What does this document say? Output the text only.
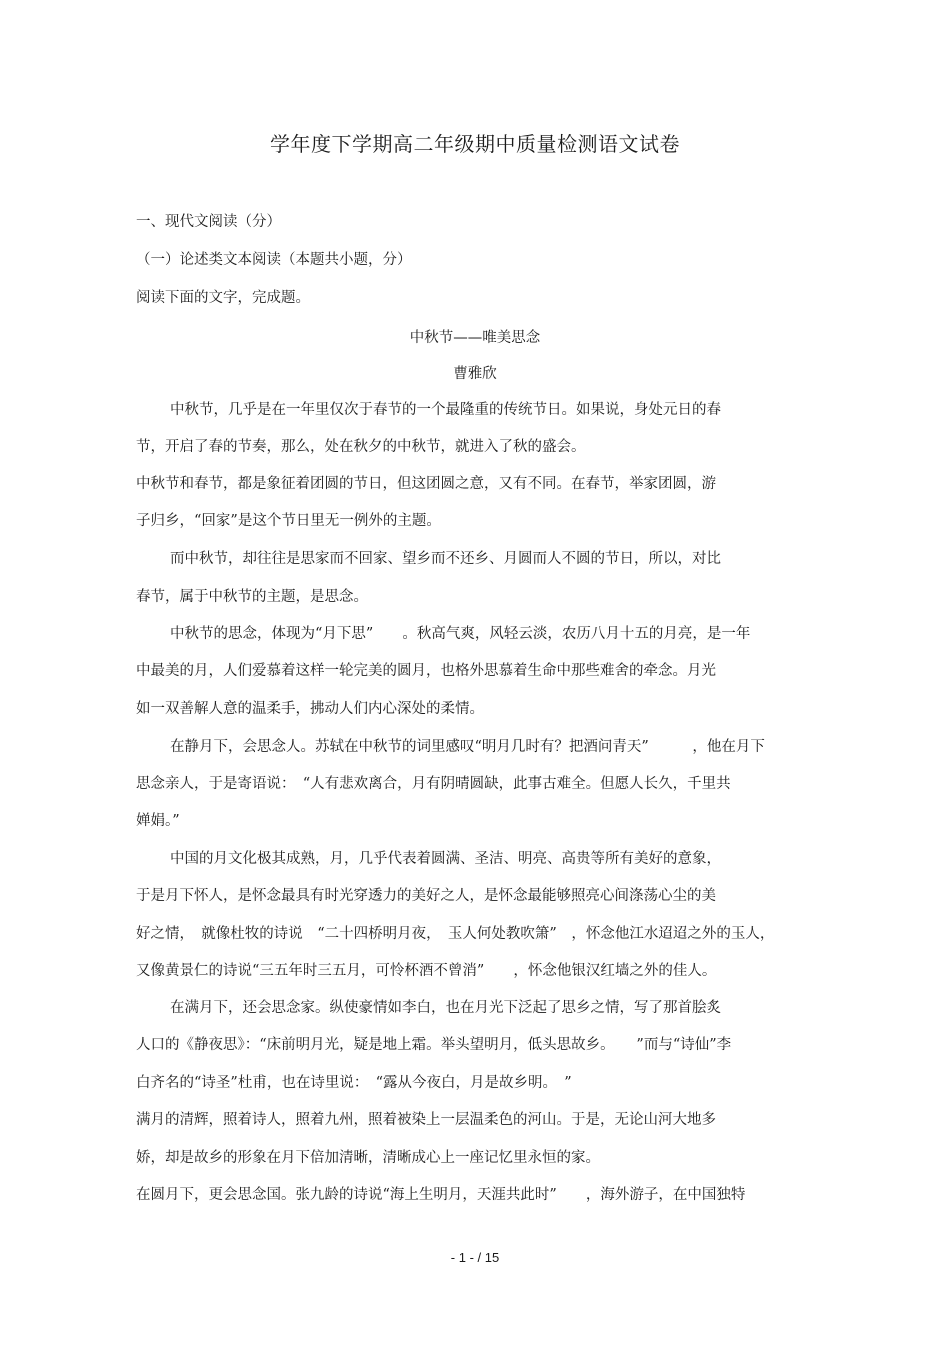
学年度下学期高二年级期中质量检测语文试卷
一、现代文阅读（分）
（一）论述类文本阅读（本题共小题，分）
阅读下面的文字，完成题。
中秋节——唯美思念
曹雅欣
中秋节，几乎是在一年里仅次于春节的一个最隆重的传统节日。如果说，身处元日的春
节，开启了春的节奏，那么，处在秋夕的中秋节，就进入了秋的盛会。
中秋节和春节，都是象征着团圆的节日，但这团圆之意，又有不同。在春节，举家团圆，游
子归乡，“回家”是这个节日里无一例外的主题。
而中秋节，却往往是思家而不回家、望乡而不还乡、月圆而人不圆的节日，所以，对比
春节，属于中秋节的主题，是思念。
中秋节的思念，体现为“月下思”　　。秋高气爽，风轻云淡，农历八月十五的月亮，是一年
中最美的月，人们爱慕着这样一轮完美的圆月，也格外思慕着生命中那些难舍的牵念。月光
如一双善解人意的温柔手，拂动人们内心深处的柔情。
在静月下，会思念人。苏轼在中秋节的词里感叹“明月几时有？把酒问青天”　　　，他在月下
思念亲人，于是寄语说：　“人有悲欢离合，月有阴晴圆缺，此事古难全。但愿人长久，千里共
婵娟。”
中国的月文化极其成熟，月，几乎代表着圆满、圣洁、明亮、高贵等所有美好的意象，
于是月下怀人，是怀念最具有时光穿透力的美好之人，是怀念最能够照亮心间涤荡心尘的美
好之情，　就像杜牧的诗说　“二十四桥明月夜，　玉人何处教吹箫”　，怀念他江水迢迢之外的玉人，
又像黄景仁的诗说“三五年时三五月，可怜杯酒不曾消”　　，怀念他银汉红墙之外的佳人。
在满月下，还会思念家。纵使豪情如李白，也在月光下泛起了思乡之情，写了那首脍炙
人口的《静夜思》：“床前明月光，疑是地上霜。举头望明月，低头思故乡。　　”而与“诗仙”李
白齐名的“诗圣”杜甫，也在诗里说：　“露从今夜白，月是故乡明。　”
满月的清辉，照着诗人，照着九州，照着被染上一层温柔色的河山。于是，无论山河大地多
娇，却是故乡的形象在月下倍加清晰，清晰成心上一座记忆里永恒的家。
在圆月下，更会思念国。张九龄的诗说“海上生明月，天涯共此时”　　，海外游子，在中国独特
- 1 - / 15
